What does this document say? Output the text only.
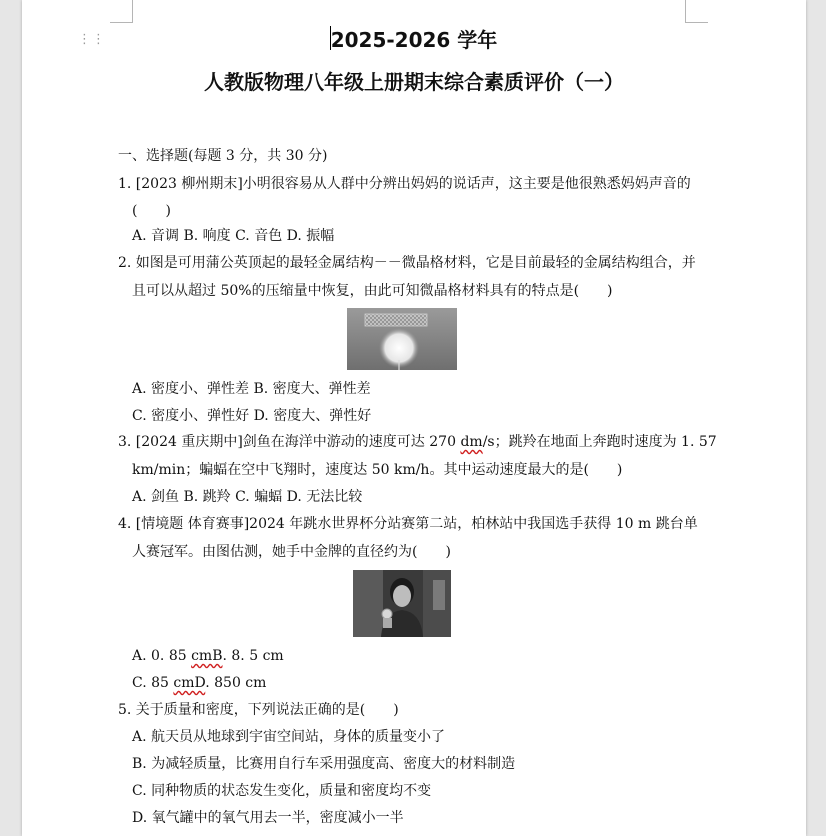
⋮⋮	2025-2026 学年
人教版物理八年级上册期末综合素质评价（一）
一、选择题(每题 3 分，共 30 分)
1. [2023 柳州期末]小明很容易从人群中分辨出妈妈的说话声，这主要是他很熟悉妈妈声音的
(　　)
A. 音调 B. 响度 C. 音色 D. 振幅
2. 如图是可用蒲公英顶起的最轻金属结构－－微晶格材料，它是目前最轻的金属结构组合，并
且可以从超过 50%的压缩量中恢复，由此可知微晶格材料具有的特点是(　　)
A. 密度小、弹性差 B. 密度大、弹性差
C. 密度小、弹性好 D. 密度大、弹性好
3. [2024 重庆期中]剑鱼在海洋中游动的速度可达 270 dm/s；跳羚在地面上奔跑时速度为 1. 57
km/min；蝙蝠在空中飞翔时，速度达 50 km/h。其中运动速度最大的是(　　)
A. 剑鱼 B. 跳羚 C. 蝙蝠 D. 无法比较
4. [情境题 体育赛事]2024 年跳水世界杯分站赛第二站，柏林站中我国选手获得 10 m 跳台单
人赛冠军。由图估测，她手中金牌的直径约为(　　)
A. 0. 85 cmB. 8. 5 cm
C. 85 cmD. 850 cm
5. 关于质量和密度，下列说法正确的是(　　)
A. 航天员从地球到宇宙空间站，身体的质量变小了
B. 为减轻质量，比赛用自行车采用强度高、密度大的材料制造
C. 同种物质的状态发生变化，质量和密度均不变
D. 氧气罐中的氧气用去一半，密度减小一半
